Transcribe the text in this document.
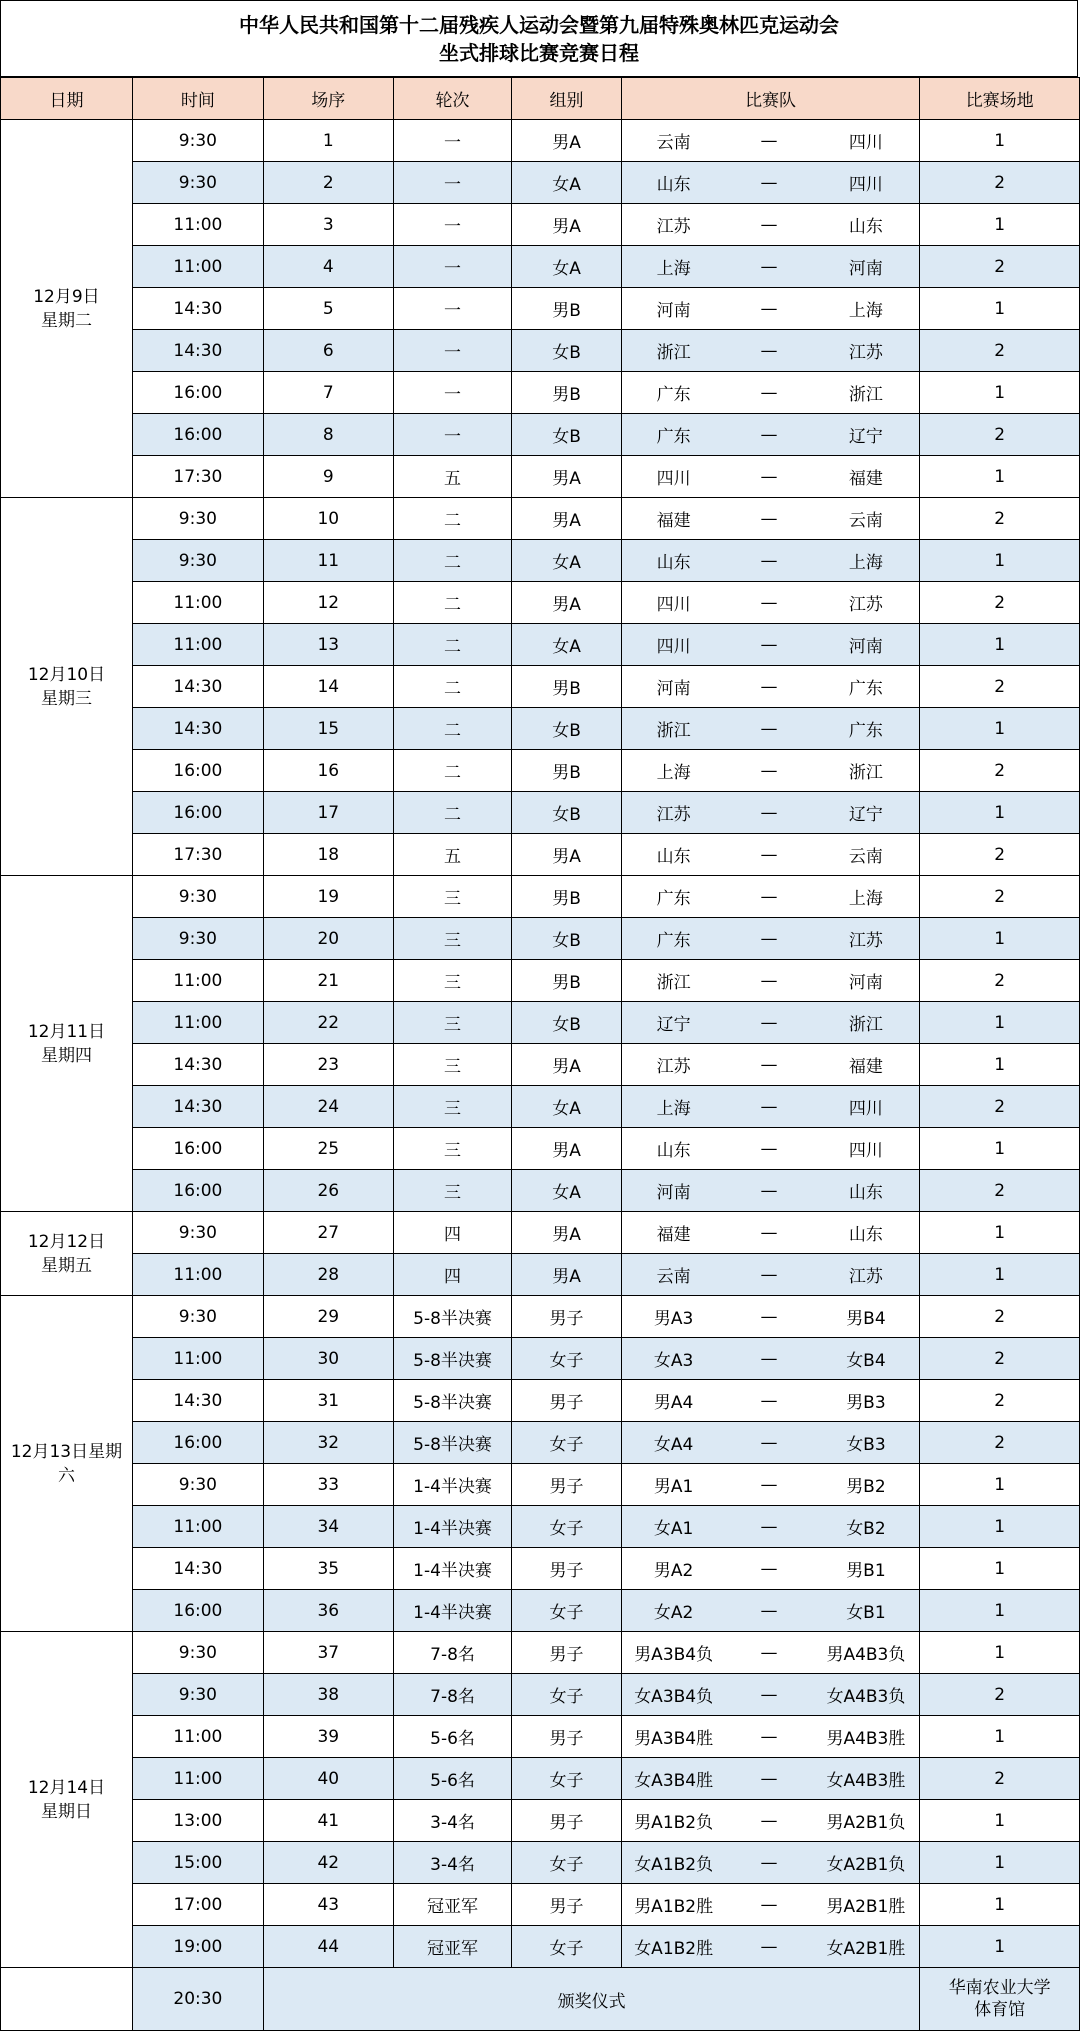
中华人民共和国第十二届残疾人运动会暨第九届特殊奥林匹克运动会
坐式排球比赛竞赛日程
日期	时间	场序	轮次	组别	比赛队			比赛场地
12月9日
星期二	9:30	1	一	男A	云南	—	四川	1
	9:30	2	一	女A	山东	—	四川	2
	11:00	3	一	男A	江苏	—	山东	1
	11:00	4	一	女A	上海	—	河南	2
	14:30	5	一	男B	河南	—	上海	1
	14:30	6	一	女B	浙江	—	江苏	2
	16:00	7	一	男B	广东	—	浙江	1
	16:00	8	一	女B	广东	—	辽宁	2
	17:30	9	五	男A	四川	—	福建	1
12月10日
星期三	9:30	10	二	男A	福建	—	云南	2
	9:30	11	二	女A	山东	—	上海	1
	11:00	12	二	男A	四川	—	江苏	2
	11:00	13	二	女A	四川	—	河南	1
	14:30	14	二	男B	河南	—	广东	2
	14:30	15	二	女B	浙江	—	广东	1
	16:00	16	二	男B	上海	—	浙江	2
	16:00	17	二	女B	江苏	—	辽宁	1
	17:30	18	五	男A	山东	—	云南	2
12月11日
星期四	9:30	19	三	男B	广东	—	上海	2
	9:30	20	三	女B	广东	—	江苏	1
	11:00	21	三	男B	浙江	—	河南	2
	11:00	22	三	女B	辽宁	—	浙江	1
	14:30	23	三	男A	江苏	—	福建	1
	14:30	24	三	女A	上海	—	四川	2
	16:00	25	三	男A	山东	—	四川	1
	16:00	26	三	女A	河南	—	山东	2
12月12日
星期五	9:30	27	四	男A	福建	—	山东	1
	11:00	28	四	男A	云南	—	江苏	1
12月13日星期六	9:30	29	5-8半决赛	男子	男A3	—	男B4	2
	11:00	30	5-8半决赛	女子	女A3	—	女B4	2
	14:30	31	5-8半决赛	男子	男A4	—	男B3	2
	16:00	32	5-8半决赛	女子	女A4	—	女B3	2
	9:30	33	1-4半决赛	男子	男A1	—	男B2	1
	11:00	34	1-4半决赛	女子	女A1	—	女B2	1
	14:30	35	1-4半决赛	男子	男A2	—	男B1	1
	16:00	36	1-4半决赛	女子	女A2	—	女B1	1
12月14日
星期日	9:30	37	7-8名	男子	男A3B4负	—	男A4B3负	1
	9:30	38	7-8名	女子	女A3B4负	—	女A4B3负	2
	11:00	39	5-6名	男子	男A3B4胜	—	男A4B3胜	1
	11:00	40	5-6名	女子	女A3B4胜	—	女A4B3胜	2
	13:00	41	3-4名	男子	男A1B2负	—	男A2B1负	1
	15:00	42	3-4名	女子	女A1B2负	—	女A2B1负	1
	17:00	43	冠亚军	男子	男A1B2胜	—	男A2B1胜	1
	19:00	44	冠亚军	女子	女A1B2胜	—	女A2B1胜	1
	20:30	颁奖仪式						华南农业大学
体育馆
